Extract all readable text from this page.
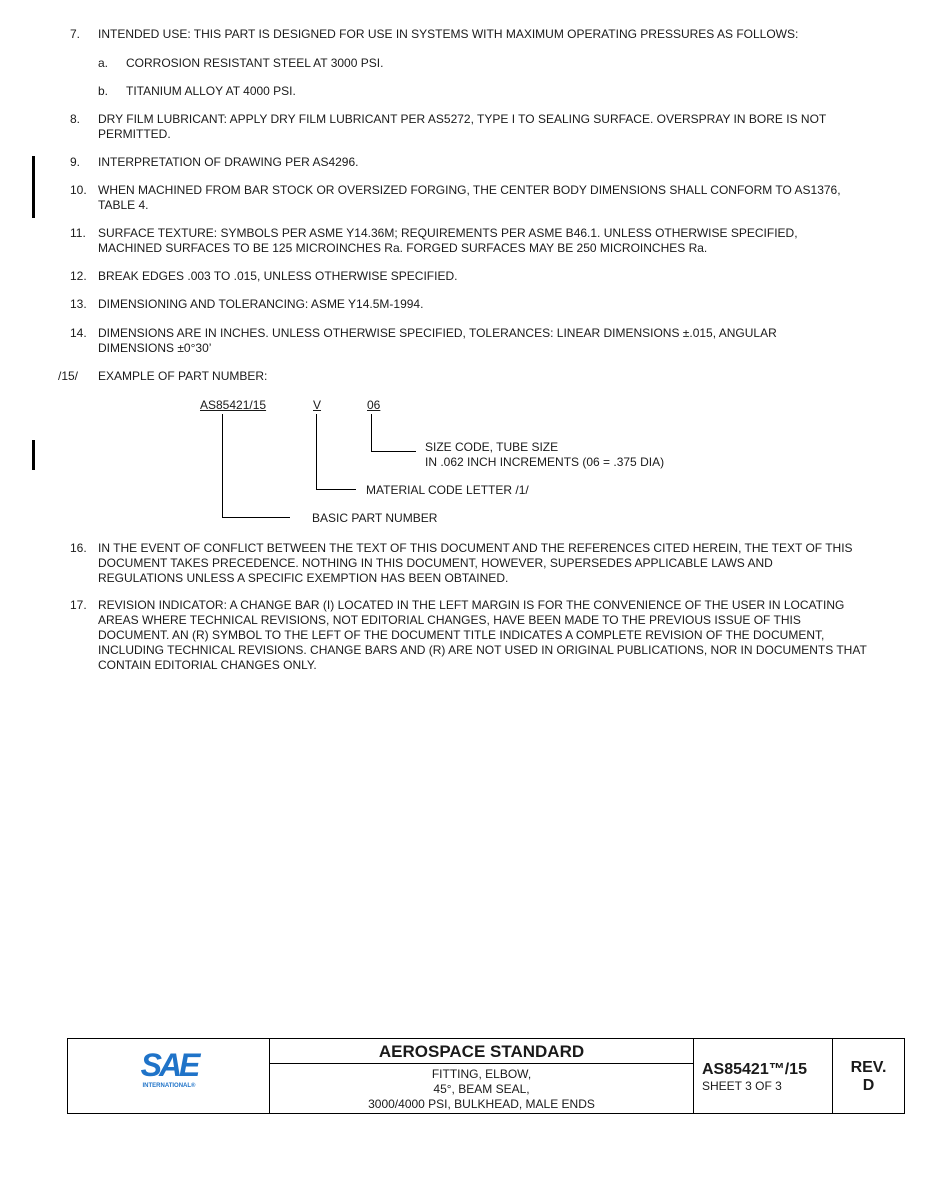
7. INTENDED USE: THIS PART IS DESIGNED FOR USE IN SYSTEMS WITH MAXIMUM OPERATING PRESSURES AS FOLLOWS:
a. CORROSION RESISTANT STEEL AT 3000 PSI.
b. TITANIUM ALLOY AT 4000 PSI.
8. DRY FILM LUBRICANT: APPLY DRY FILM LUBRICANT PER AS5272, TYPE I TO SEALING SURFACE. OVERSPRAY IN BORE IS NOT PERMITTED.
9. INTERPRETATION OF DRAWING PER AS4296.
10. WHEN MACHINED FROM BAR STOCK OR OVERSIZED FORGING, THE CENTER BODY DIMENSIONS SHALL CONFORM TO AS1376, TABLE 4.
11. SURFACE TEXTURE: SYMBOLS PER ASME Y14.36M; REQUIREMENTS PER ASME B46.1. UNLESS OTHERWISE SPECIFIED, MACHINED SURFACES TO BE 125 MICROINCHES Ra. FORGED SURFACES MAY BE 250 MICROINCHES Ra.
12. BREAK EDGES .003 TO .015, UNLESS OTHERWISE SPECIFIED.
13. DIMENSIONING AND TOLERANCING: ASME Y14.5M-1994.
14. DIMENSIONS ARE IN INCHES. UNLESS OTHERWISE SPECIFIED, TOLERANCES: LINEAR DIMENSIONS ±.015, ANGULAR DIMENSIONS ±0°30’
/15/ EXAMPLE OF PART NUMBER:
AS85421/15	V	06
SIZE CODE, TUBE SIZE
IN .062 INCH INCREMENTS (06 = .375 DIA)
MATERIAL CODE LETTER /1/
BASIC PART NUMBER
16. IN THE EVENT OF CONFLICT BETWEEN THE TEXT OF THIS DOCUMENT AND THE REFERENCES CITED HEREIN, THE TEXT OF THIS DOCUMENT TAKES PRECEDENCE. NOTHING IN THIS DOCUMENT, HOWEVER, SUPERSEDES APPLICABLE LAWS AND REGULATIONS UNLESS A SPECIFIC EXEMPTION HAS BEEN OBTAINED.
17. REVISION INDICATOR: A CHANGE BAR (I) LOCATED IN THE LEFT MARGIN IS FOR THE CONVENIENCE OF THE USER IN LOCATING AREAS WHERE TECHNICAL REVISIONS, NOT EDITORIAL CHANGES, HAVE BEEN MADE TO THE PREVIOUS ISSUE OF THIS DOCUMENT. AN (R) SYMBOL TO THE LEFT OF THE DOCUMENT TITLE INDICATES A COMPLETE REVISION OF THE DOCUMENT, INCLUDING TECHNICAL REVISIONS. CHANGE BARS AND (R) ARE NOT USED IN ORIGINAL PUBLICATIONS, NOR IN DOCUMENTS THAT CONTAIN EDITORIAL CHANGES ONLY.
SAE
INTERNATIONAL®
AEROSPACE STANDARD
FITTING, ELBOW,
45°, BEAM SEAL,
3000/4000 PSI, BULKHEAD, MALE ENDS
AS85421™/15
SHEET 3 OF 3
REV.
D
